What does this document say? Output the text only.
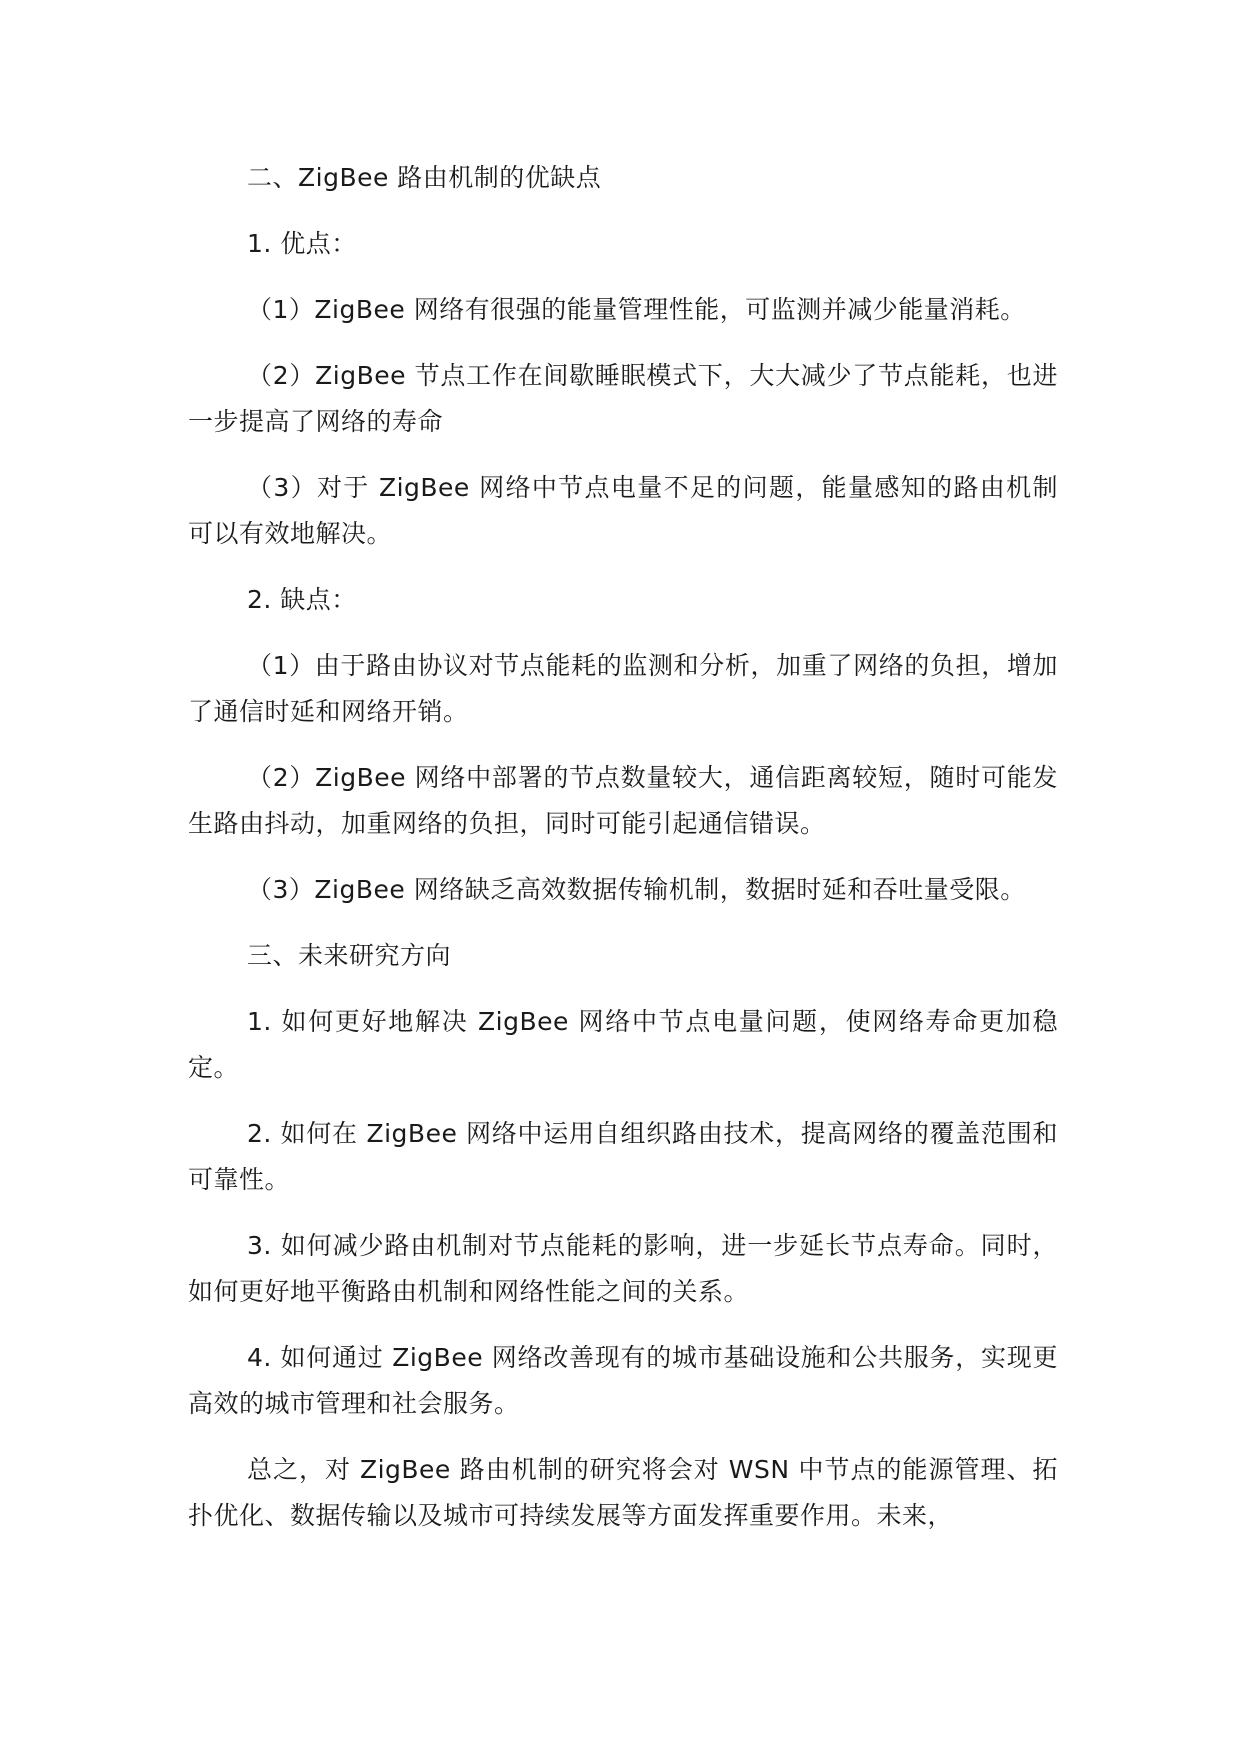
二、ZigBee 路由机制的优缺点

1. 优点：

（1）ZigBee 网络有很强的能量管理性能，可监测并减少能量消耗。

（2）ZigBee 节点工作在间歇睡眠模式下，大大减少了节点能耗，也进一步提高了网络的寿命

（3）对于 ZigBee 网络中节点电量不足的问题，能量感知的路由机制可以有效地解决。

2. 缺点：

（1）由于路由协议对节点能耗的监测和分析，加重了网络的负担，增加了通信时延和网络开销。

（2）ZigBee 网络中部署的节点数量较大，通信距离较短，随时可能发生路由抖动，加重网络的负担，同时可能引起通信错误。

（3）ZigBee 网络缺乏高效数据传输机制，数据时延和吞吐量受限。

三、未来研究方向

1. 如何更好地解决 ZigBee 网络中节点电量问题，使网络寿命更加稳定。

2. 如何在 ZigBee 网络中运用自组织路由技术，提高网络的覆盖范围和可靠性。

3. 如何减少路由机制对节点能耗的影响，进一步延长节点寿命。同时，如何更好地平衡路由机制和网络性能之间的关系。

4. 如何通过 ZigBee 网络改善现有的城市基础设施和公共服务，实现更高效的城市管理和社会服务。

总之，对 ZigBee 路由机制的研究将会对 WSN 中节点的能源管理、拓扑优化、数据传输以及城市可持续发展等方面发挥重要作用。未来，
